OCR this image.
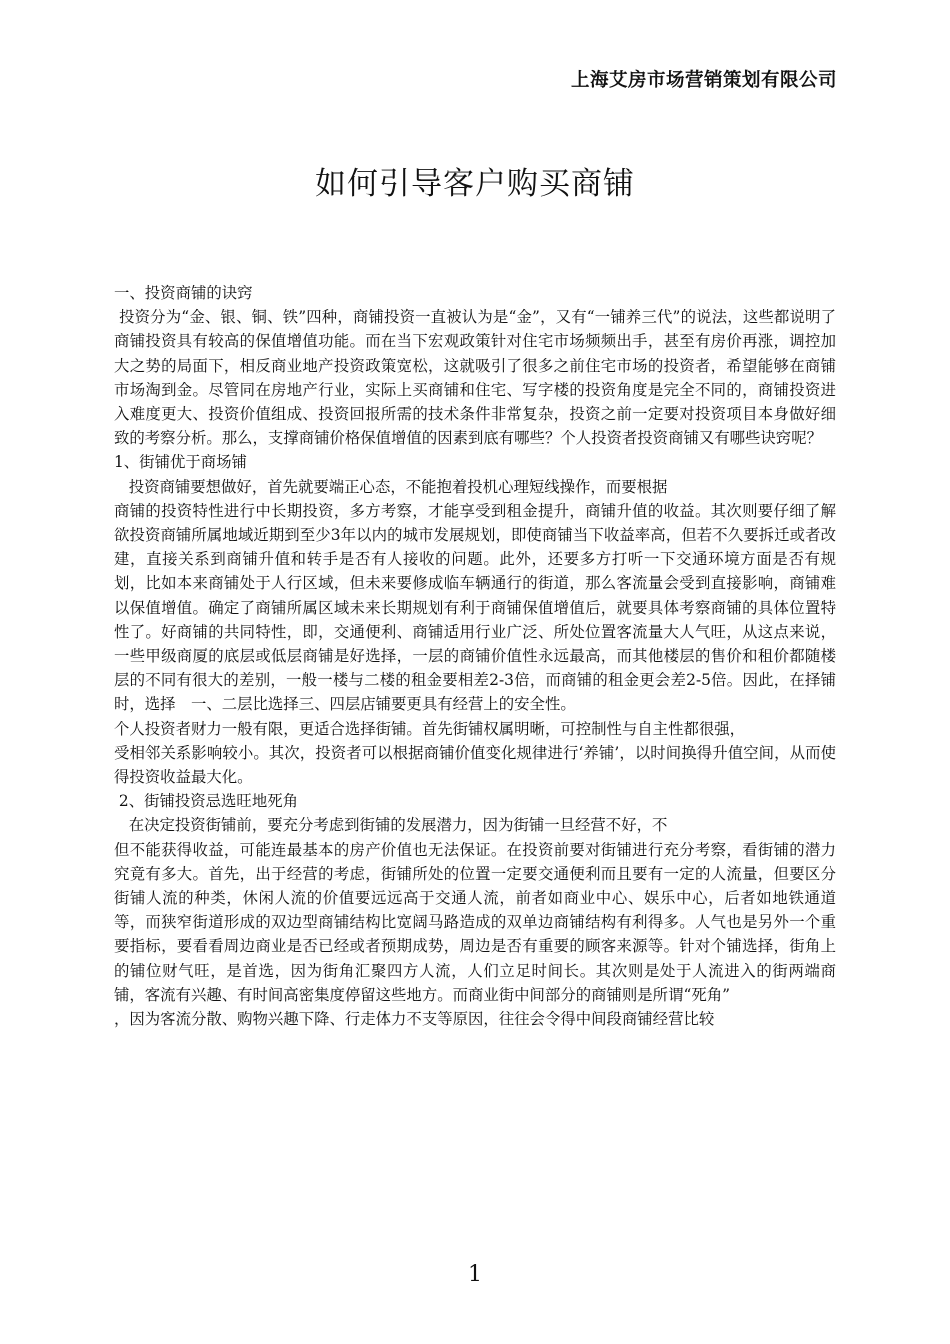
上海艾房市场营销策划有限公司
如何引导客户购买商铺

一、投资商铺的诀窍

投资分为“金、银、铜、铁”四种，商铺投资一直被认为是“金”，又有“一铺养三代”的说法，这些都说明了商铺投资具有较高的保值增值功能。而在当下宏观政策针对住宅市场频频出手，甚至有房价再涨，调控加大之势的局面下，相反商业地产投资政策宽松，这就吸引了很多之前住宅市场的投资者，希望能够在商铺市场淘到金。尽管同在房地产行业，实际上买商铺和住宅、写字楼的投资角度是完全不同的，商铺投资进入难度更大、投资价值组成、投资回报所需的技术条件非常复杂，投资之前一定要对投资项目本身做好细致的考察分析。那么，支撑商铺价格保值增值的因素到底有哪些？个人投资者投资商铺又有哪些诀窍呢？

1、街铺优于商场铺

投资商铺要想做好，首先就要端正心态，不能抱着投机心理短线操作，而要根据

商铺的投资特性进行中长期投资，多方考察，才能享受到租金提升，商铺升值的收益。其次则要仔细了解欲投资商铺所属地域近期到至少3年以内的城市发展规划，即使商铺当下收益率高，但若不久要拆迁或者改建，直接关系到商铺升值和转手是否有人接收的问题。此外，还要多方打听一下交通环境方面是否有规划，比如本来商铺处于人行区域，但未来要修成临车辆通行的街道，那么客流量会受到直接影响，商铺难以保值增值。确定了商铺所属区域未来长期规划有利于商铺保值增值后，就要具体考察商铺的具体位置特性了。好商铺的共同特性，即，交通便利、商铺适用行业广泛、所处位置客流量大人气旺，从这点来说，一些甲级商厦的底层或低层商铺是好选择，一层的商铺价值性永远最高，而其他楼层的售价和租价都随楼层的不同有很大的差别，一般一楼与二楼的租金要相差2-3倍，而商铺的租金更会差2-5倍。因此，在择铺时，选择　一、二层比选择三、四层店铺要更具有经营上的安全性。

个人投资者财力一般有限，更适合选择街铺。首先街铺权属明晰，可控制性与自主性都很强，

受相邻关系影响较小。其次，投资者可以根据商铺价值变化规律进行‘养铺’，以时间换得升值空间，从而使得投资收益最大化。

2、街铺投资忌选旺地死角

在决定投资街铺前，要充分考虑到街铺的发展潜力，因为街铺一旦经营不好，不

但不能获得收益，可能连最基本的房产价值也无法保证。在投资前要对街铺进行充分考察，看街铺的潜力究竟有多大。首先，出于经营的考虑，街铺所处的位置一定要交通便利而且要有一定的人流量，但要区分街铺人流的种类，休闲人流的价值要远远高于交通人流，前者如商业中心、娱乐中心，后者如地铁通道等，而狭窄街道形成的双边型商铺结构比宽阔马路造成的双单边商铺结构有利得多。人气也是另外一个重要指标，要看看周边商业是否已经或者预期成势，周边是否有重要的顾客来源等。针对个铺选择，街角上的铺位财气旺，是首选，因为街角汇聚四方人流，人们立足时间长。其次则是处于人流进入的街两端商铺，客流有兴趣、有时间高密集度停留这些地方。而商业街中间部分的商铺则是所谓“死角”

，因为客流分散、购物兴趣下降、行走体力不支等原因，往往会令得中间段商铺经营比较

1
